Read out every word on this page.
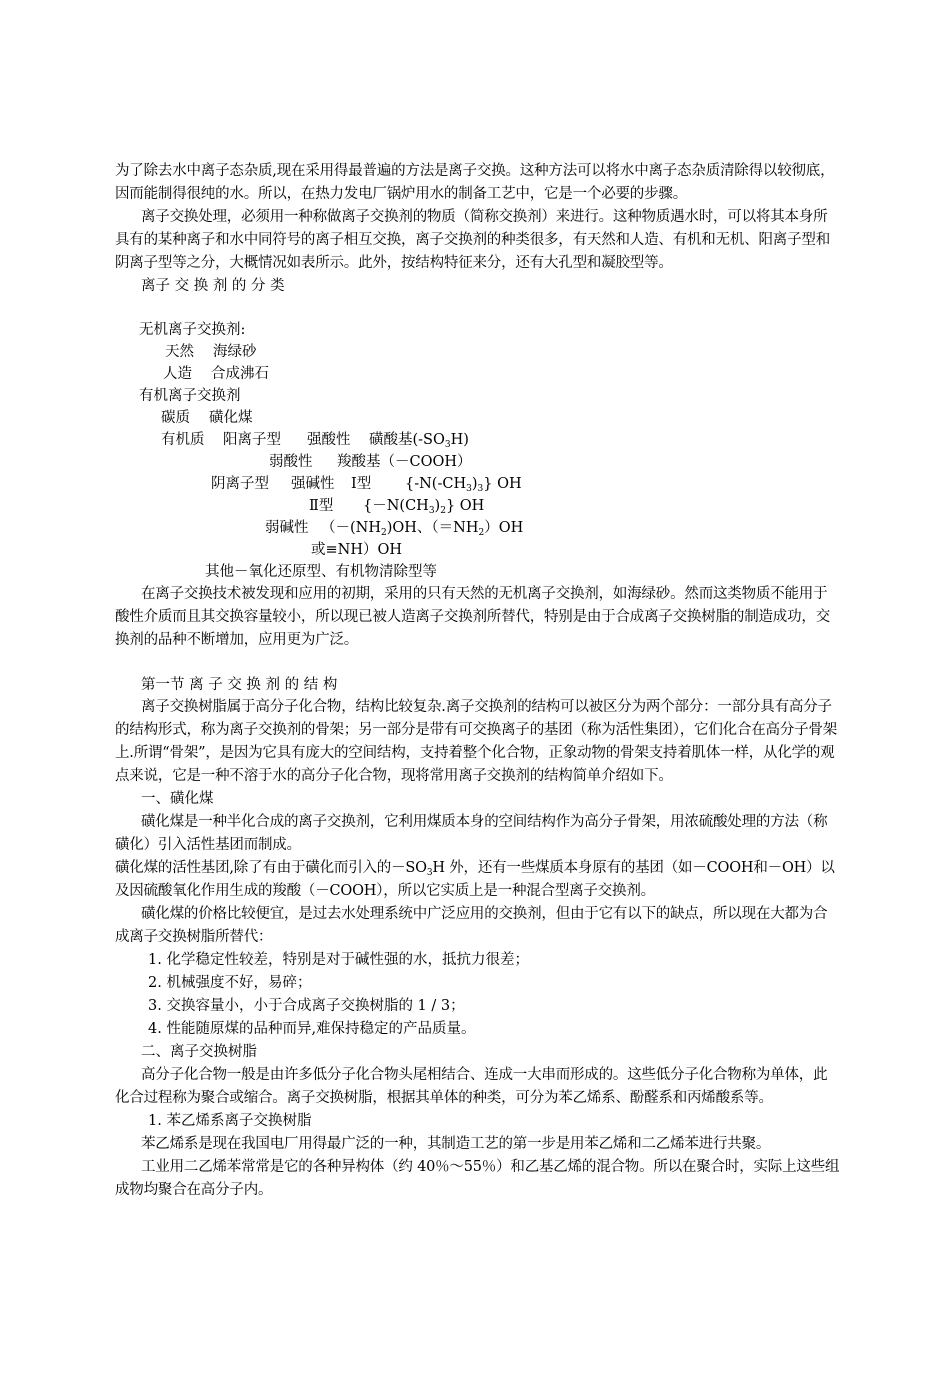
为了除去水中离子态杂质,现在采用得最普遍的方法是离子交换。这种方法可以将水中离子态杂质清除得以较彻底，因而能制得很纯的水。所以，在热力发电厂锅炉用水的制备工艺中，它是一个必要的步骤。

离子交换处理，必须用一种称做离子交换剂的物质（简称交换剂）来进行。这种物质遇水时，可以将其本身所具有的某种离子和水中同符号的离子相互交换，离子交换剂的种类很多，有天然和人造、有机和无机、阳离子型和阴离子型等之分，大概情况如表所示。此外，按结构特征来分，还有大孔型和凝胶型等。

离子 交 换 剂 的 分 类
无机离子交换剂:
天然 海绿砂
人造 合成沸石
有机离子交换剂
碳质 磺化煤
有机质 阳离子型 强酸性 磺酸基$(-SO_3H)$
弱酸性 羧酸基（－COOH）
阴离子型 强碱性 Ⅰ型 $\{-N(-CH_3)_3\}$ OH
Ⅱ型 $\{-N(CH_3)_2\}$ OH
弱碱性 （$-(NH_2)OH$、$(=NH_2)OH$
或≡NH）OH
其他－氧化还原型、有机物清除型等

在离子交换技术被发现和应用的初期，采用的只有天然的无机离子交换剂，如海绿砂。然而这类物质不能用于酸性介质而且其交换容量较小，所以现已被人造离子交换剂所替代，特别是由于合成离子交换树脂的制造成功，交换剂的品种不断增加，应用更为广泛。

第一节 离 子 交 换 剂 的 结 构

离子交换树脂属于高分子化合物，结构比较复杂.离子交换剂的结构可以被区分为两个部分：一部分具有高分子的结构形式，称为离子交换剂的骨架；另一部分是带有可交换离子的基团（称为活性集团），它们化合在高分子骨架上.所谓“骨架”，是因为它具有庞大的空间结构，支持着整个化合物，正象动物的骨架支持着肌体一样，从化学的观点来说，它是一种不溶于水的高分子化合物，现将常用离子交换剂的结构简单介绍如下。

一、磺化煤

磺化煤是一种半化合成的离子交换剂，它利用煤质本身的空间结构作为高分子骨架，用浓硫酸处理的方法（称磺化）引入活性基团而制成。

磺化煤的活性基团,除了有由于磺化而引入的$-SO_3H$ 外，还有一些煤质本身原有的基团（如－COOH和－OH）以及因硫酸氧化作用生成的羧酸（－COOH），所以它实质上是一种混合型离子交换剂。

磺化煤的价格比较便宜，是过去水处理系统中广泛应用的交换剂，但由于它有以下的缺点，所以现在大都为合成离子交换树脂所替代：

1. 化学稳定性较差，特别是对于碱性强的水，抵抗力很差；

2. 机械强度不好，易碎；

3. 交换容量小，小于合成离子交换树脂的 1 / 3；

4. 性能随原煤的品种而异,难保持稳定的产品质量。

二、离子交换树脂

高分子化合物一般是由许多低分子化合物头尾相结合、连成一大串而形成的。这些低分子化合物称为单体，此化合过程称为聚合或缩合。离子交换树脂，根据其单体的种类，可分为苯乙烯系、酚醛系和丙烯酸系等。

1. 苯乙烯系离子交换树脂

苯乙烯系是现在我国电厂用得最广泛的一种，其制造工艺的第一步是用苯乙烯和二乙烯苯进行共聚。

工业用二乙烯苯常常是它的各种异构体（约 40％～55％）和乙基乙烯的混合物。所以在聚合时，实际上这些组成物均聚合在高分子内。
